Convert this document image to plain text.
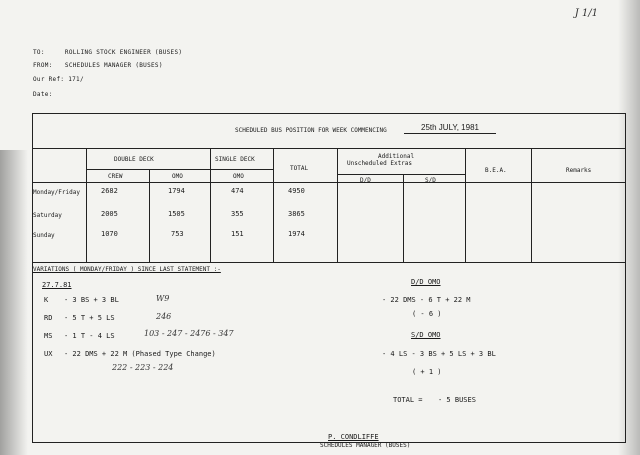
J 1/1
TO:	ROLLING STOCK ENGINEER (BUSES)
FROM: SCHEDULES MANAGER (BUSES)
Our Ref: 171/
Date:
SCHEDULED BUS POSITION FOR WEEK COMMENCING	25th JULY, 1981
DOUBLE DECK
CREW	OMO
SINGLE DECK
OMO
TOTAL
Additional
Unscheduled Extras
D/D	S/D
B.E.A.	Remarks
Monday/Friday	2682	1794	474	4950
Saturday	2005	1505	355	3865
Sunday	1070	753	151	1974
VARIATIONS ( MONDAY/FRIDAY ) SINCE LAST STATEMENT :-
27.7.81
K - 3 BS + 3 BL	W9
RD - 5 T + 5 LS	246
MS - 1 T - 4 LS	103 - 247 - 2476 - 347
UX - 22 DMS + 22 M (Phased Type Change)
222 - 223 - 224
D/D OMO
- 22 DMS - 6 T + 22 M
( - 6 )
S/D OMO
- 4 LS - 3 BS + 5 LS + 3 BL
( + 1 )
TOTAL = - 5 BUSES
P. CONDLIFFE
SCHEDULES MANAGER (BUSES)
